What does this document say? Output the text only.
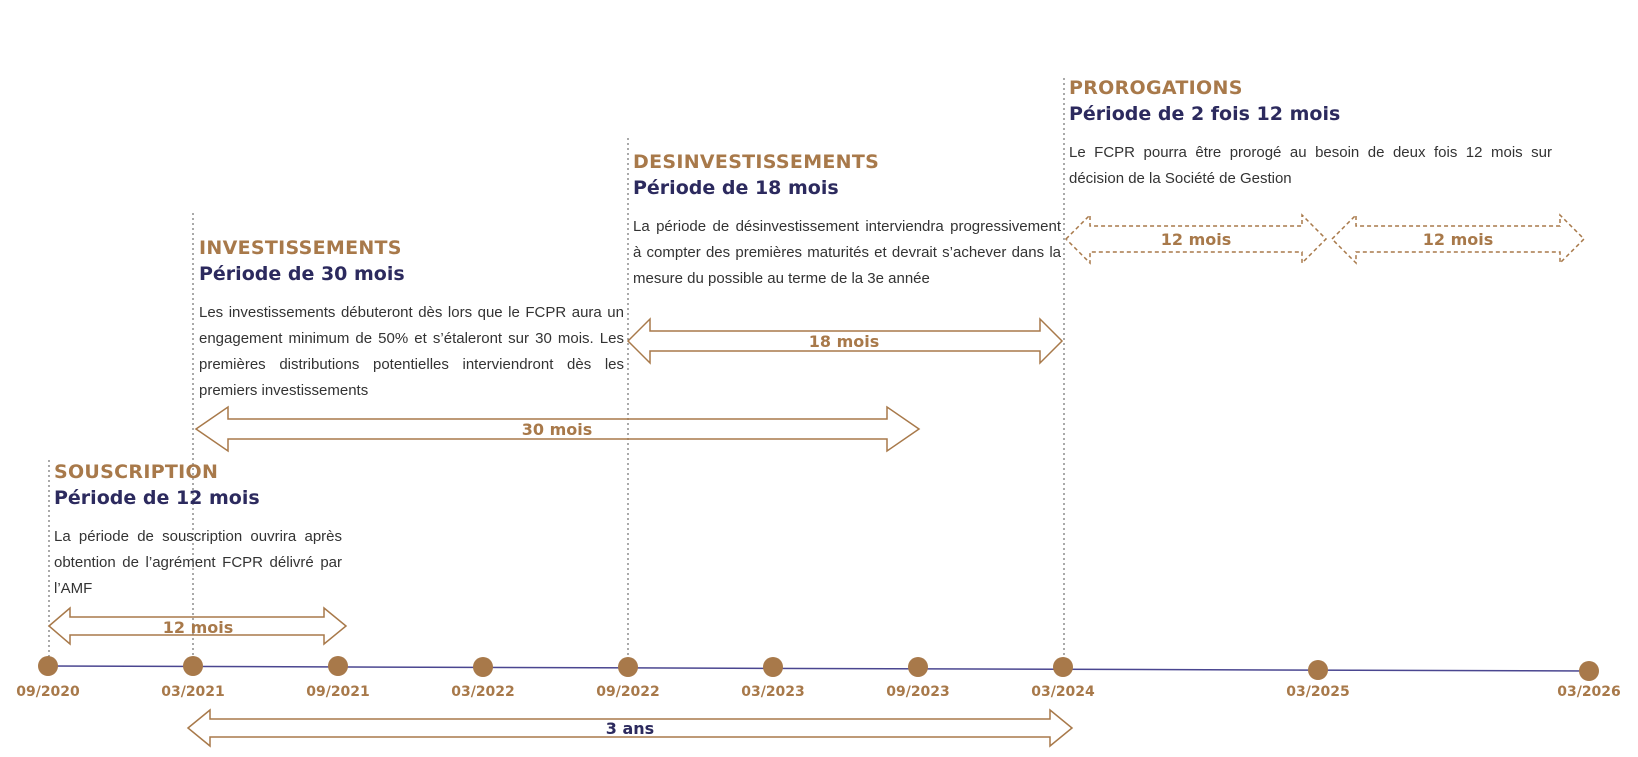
09/2020	03/2021	09/2021	03/2022	09/2022	03/2023	09/2023	03/2024	03/2025	03/2026
12 mois
30 mois
18 mois
12 mois	12 mois
3 ans
SOUSCRIPTION
Période de 12 mois
La période de souscription ouvrira après obtention de l’agrément FCPR délivré par l’AMF
INVESTISSEMENTS
Période de 30 mois
Les investissements débuteront dès lors que le FCPR aura un engagement minimum de 50% et s’étaleront sur 30 mois. Les premières distributions potentielles interviendront dès les premiers investissements
DESINVESTISSEMENTS
Période de 18 mois
La période de désinvestissement interviendra progressivement à compter des premières maturités et devrait s’achever dans la mesure du possible au terme de la 3e année
PROROGATIONS
Période de 2 fois 12 mois
Le FCPR pourra être prorogé au besoin de deux fois 12 mois sur décision de la Société de Gestion
